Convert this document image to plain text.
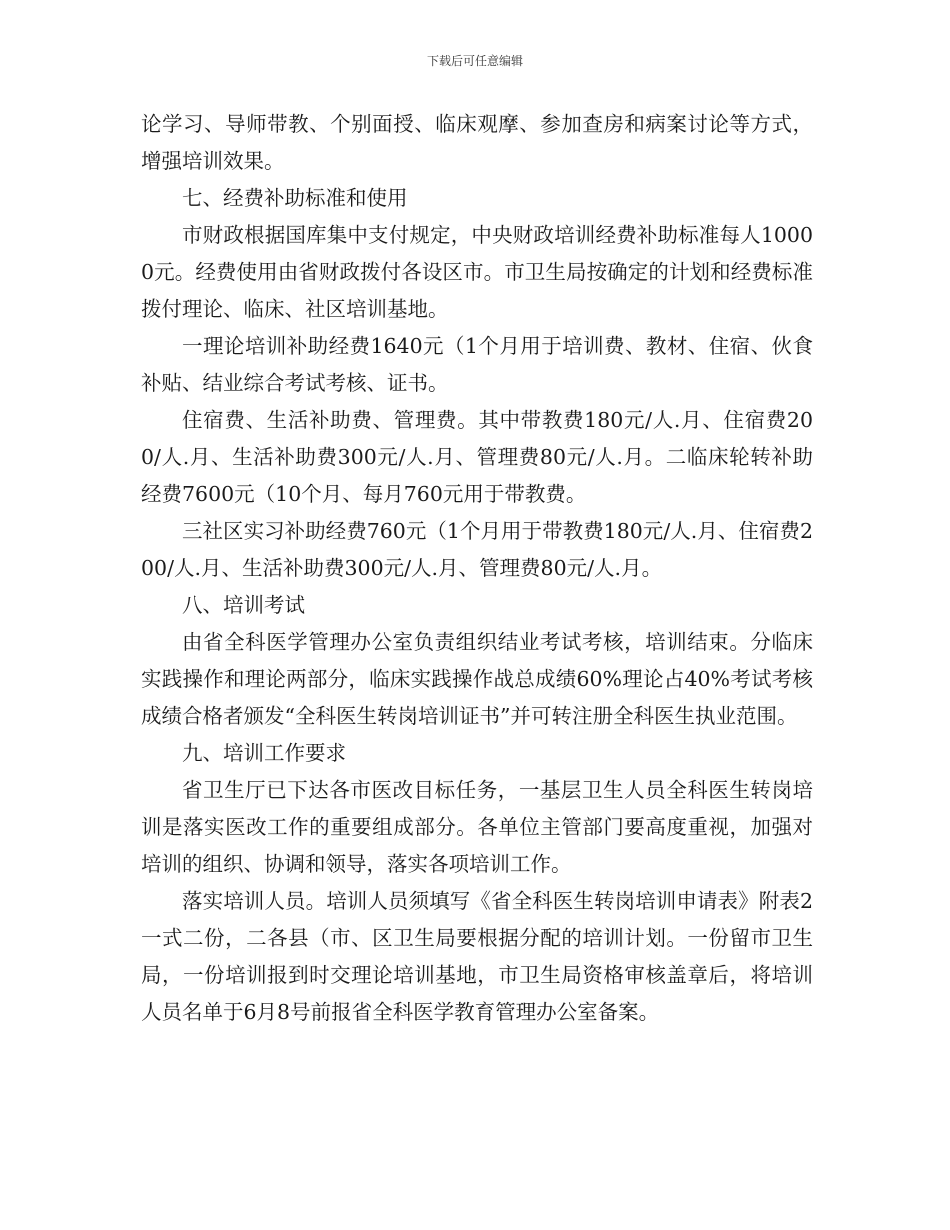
下载后可任意编辑

论学习、导师带教、个别面授、临床观摩、参加查房和病案讨论等方式，增强培训效果。

七、经费补助标准和使用

市财政根据国库集中支付规定，中央财政培训经费补助标准每人10000元。经费使用由省财政拨付各设区市。市卫生局按确定的计划和经费标准拨付理论、临床、社区培训基地。

一理论培训补助经费1640元（1个月用于培训费、教材、住宿、伙食补贴、结业综合考试考核、证书。

住宿费、生活补助费、管理费。其中带教费180元/人.月、住宿费200/人.月、生活补助费300元/人.月、管理费80元/人.月。二临床轮转补助经费7600元（10个月、每月760元用于带教费。

三社区实习补助经费760元（1个月用于带教费180元/人.月、住宿费200/人.月、生活补助费300元/人.月、管理费80元/人.月。

八、培训考试

由省全科医学管理办公室负责组织结业考试考核，培训结束。分临床实践操作和理论两部分，临床实践操作战总成绩60%理论占40%考试考核成绩合格者颁发“全科医生转岗培训证书”并可转注册全科医生执业范围。

九、培训工作要求

省卫生厅已下达各市医改目标任务，一基层卫生人员全科医生转岗培训是落实医改工作的重要组成部分。各单位主管部门要高度重视，加强对培训的组织、协调和领导，落实各项培训工作。

落实培训人员。培训人员须填写《省全科医生转岗培训申请表》附表2一式二份，二各县（市、区卫生局要根据分配的培训计划。一份留市卫生局，一份培训报到时交理论培训基地，市卫生局资格审核盖章后，将培训人员名单于6月8号前报省全科医学教育管理办公室备案。
